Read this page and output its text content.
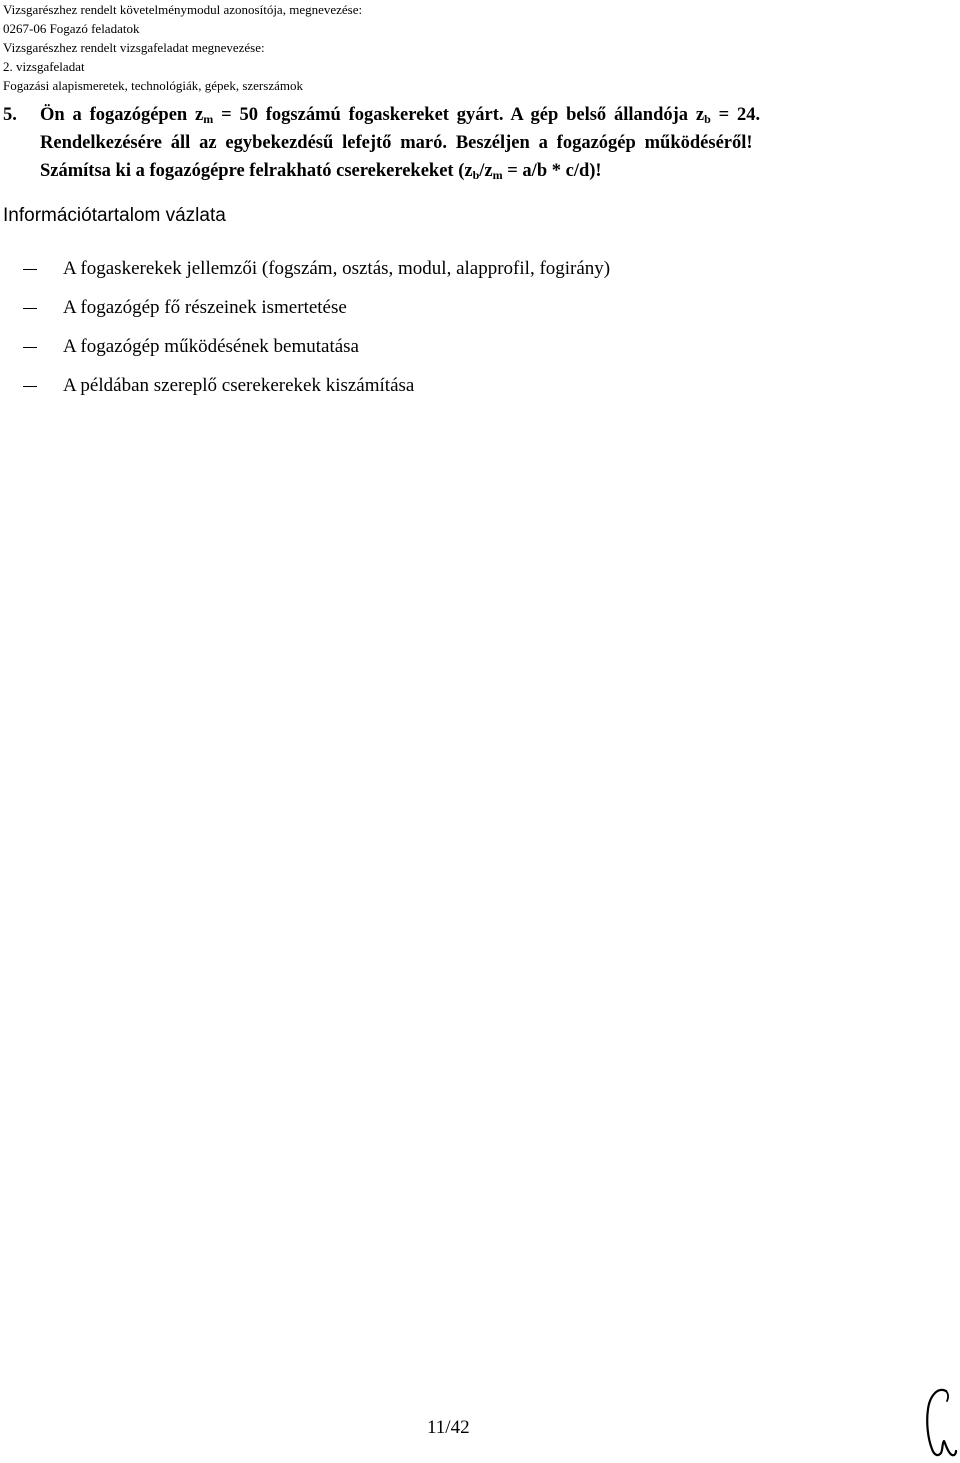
Vizsgarészhez rendelt követelménymodul azonosítója, megnevezése:
0267-06 Fogazó feladatok
Vizsgarészhez rendelt vizsgafeladat megnevezése:
2. vizsgafeladat
Fogazási alapismeretek, technológiák, gépek, szerszámok
5. Ön a fogazógépen $z_m = 50$ fogszámú fogaskereket gyárt. A gép belső állandója $z_b = 24$.
Rendelkezésére áll az egybekezdésű lefejtő maró. Beszéljen a fogazógép működéséről!
Számítsa ki a fogazógépre felrakható cserekerekeket $(z_b/z_m = a/b * c/d)$!
Információtartalom vázlata
A fogaskerekek jellemzői (fogszám, osztás, modul, alapprofil, fogirány)
A fogazógép fő részeinek ismertetése
A fogazógép működésének bemutatása
A példában szereplő cserekerekek kiszámítása
11/42
